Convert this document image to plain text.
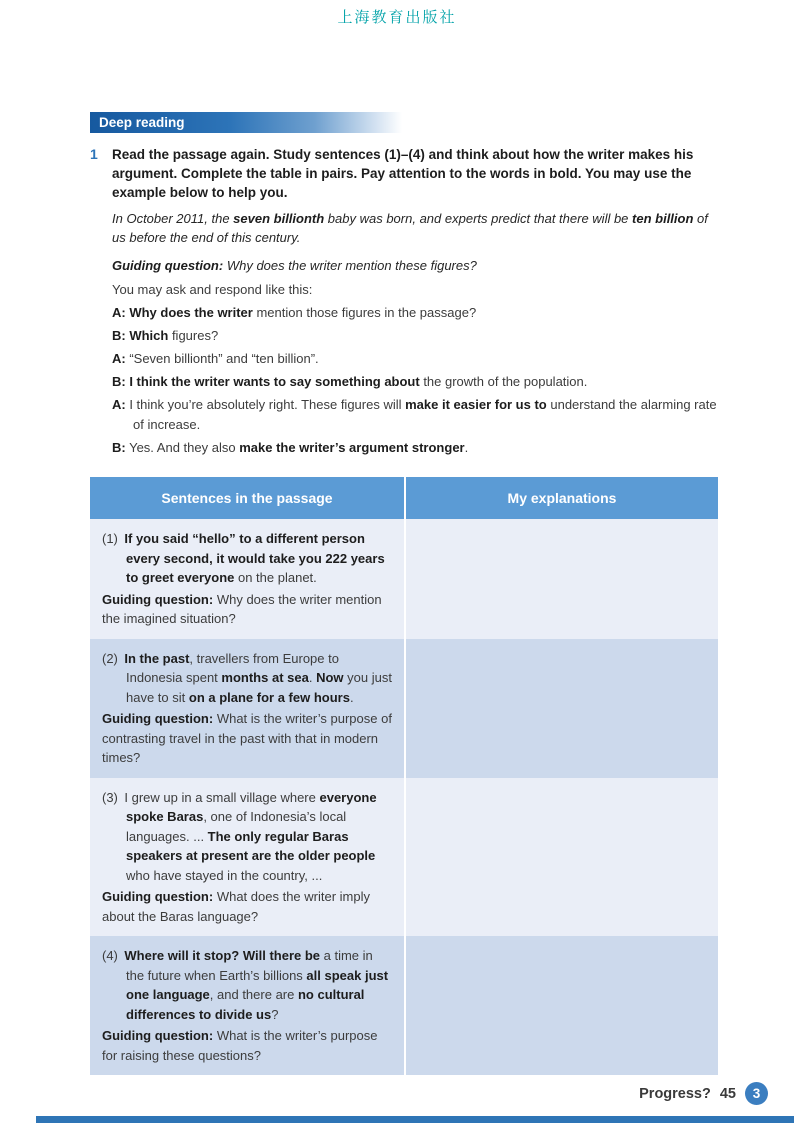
上海教育出版社
Deep reading
1	Read the passage again. Study sentences (1)–(4) and think about how the writer makes his argument. Complete the table in pairs. Pay attention to the words in bold. You may use the example below to help you.

In October 2011, the seven billionth baby was born, and experts predict that there will be ten billion of us before the end of this century.

Guiding question: Why does the writer mention these figures?

You may ask and respond like this:

A: Why does the writer mention those figures in the passage?

B: Which figures?

A: “Seven billionth” and “ten billion”.

B: I think the writer wants to say something about the growth of the population.

A: I think you’re absolutely right. These figures will make it easier for us to understand the alarming rate of increase.

B: Yes. And they also make the writer’s argument stronger.

Sentences in the passage	My explanations

(1) If you said “hello” to a different person every second, it would take you 222 years to greet everyone on the planet.

Guiding question: Why does the writer mention the imagined situation?

(2) In the past, travellers from Europe to Indonesia spent months at sea. Now you just have to sit on a plane for a few hours.

Guiding question: What is the writer’s purpose of contrasting travel in the past with that in modern times?

(3) I grew up in a small village where everyone spoke Baras, one of Indonesia’s local languages. ... The only regular Baras speakers at present are the older people who have stayed in the country, ...

Guiding question: What does the writer imply about the Baras language?

(4) Where will it stop? Will there be a time in the future when Earth’s billions all speak just one language, and there are no cultural differences to divide us?

Guiding question: What is the writer’s purpose for raising these questions?

Progress? 45	3
